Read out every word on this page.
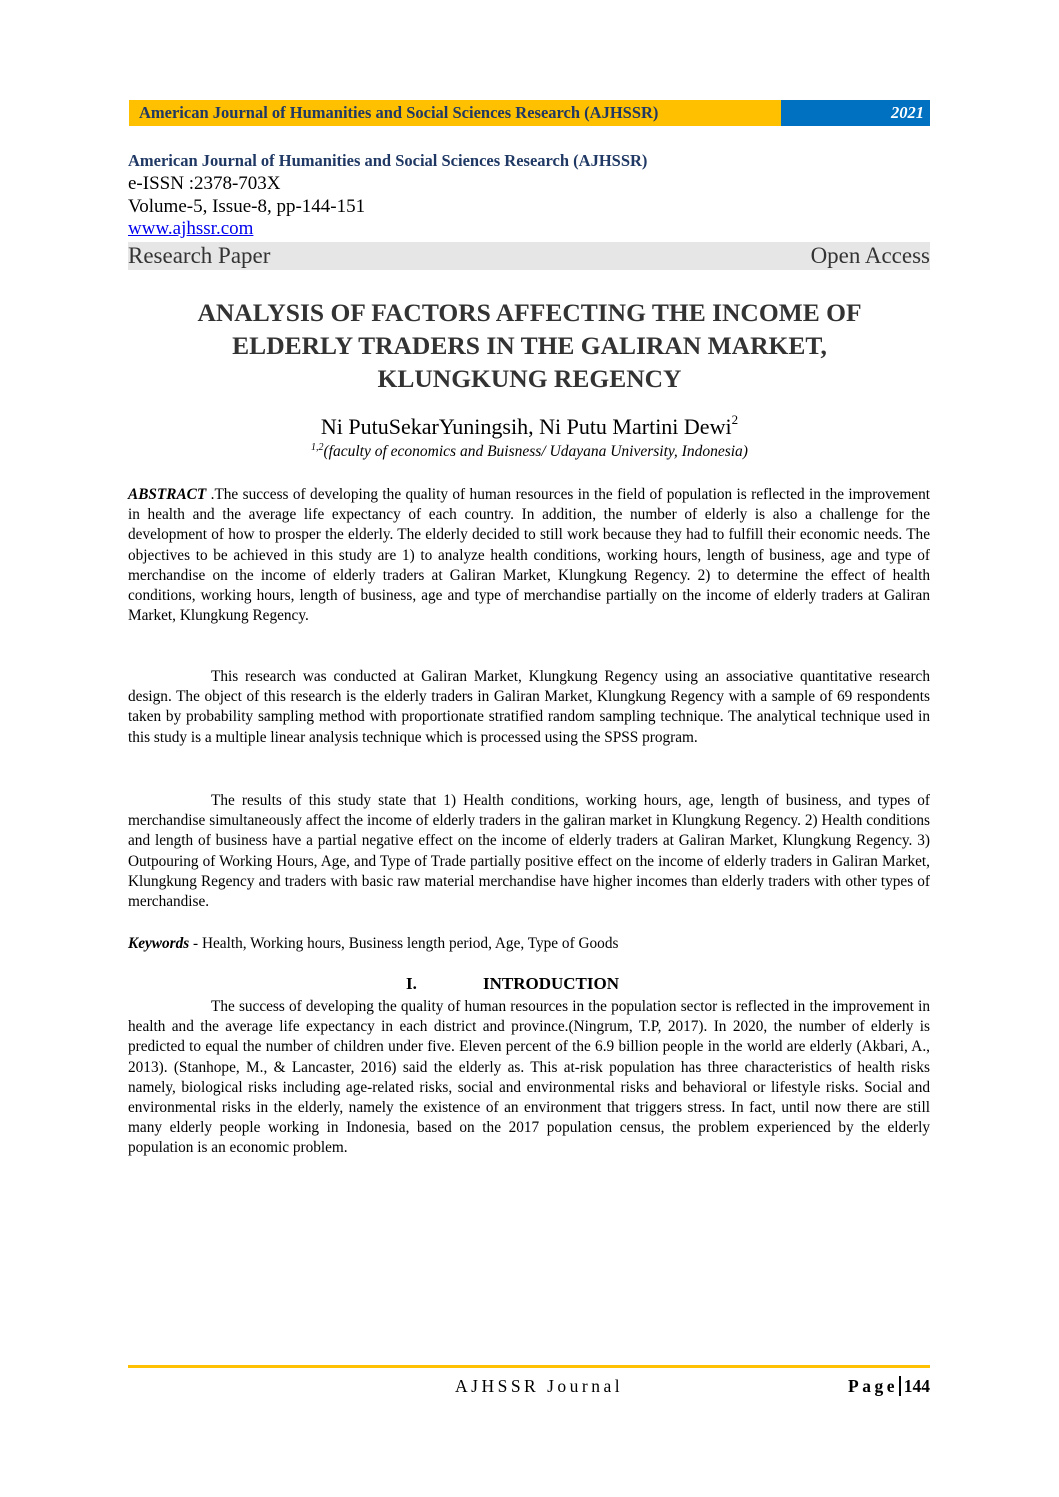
American Journal of Humanities and Social Sciences Research (AJHSSR)	2021
American Journal of Humanities and Social Sciences Research (AJHSSR)
e-ISSN :2378-703X
Volume-5, Issue-8, pp-144-151
www.ajhssr.com
Research Paper	Open Access
ANALYSIS OF FACTORS AFFECTING THE INCOME OF
ELDERLY TRADERS IN THE GALIRAN MARKET,
KLUNGKUNG REGENCY
Ni PutuSekarYuningsih, Ni Putu Martini Dewi$^2$
$^{1,2}$(faculty of economics and Buisness/ Udayana University, Indonesia)

ABSTRACT .The success of developing the quality of human resources in the field of population is reflected in the improvement in health and the average life expectancy of each country. In addition, the number of elderly is also a challenge for the development of how to prosper the elderly. The elderly decided to still work because they had to fulfill their economic needs. The objectives to be achieved in this study are 1) to analyze health conditions, working hours, length of business, age and type of merchandise on the income of elderly traders at Galiran Market, Klungkung Regency. 2) to determine the effect of health conditions, working hours, length of business, age and type of merchandise partially on the income of elderly traders at Galiran Market, Klungkung Regency.

This research was conducted at Galiran Market, Klungkung Regency using an associative quantitative research design. The object of this research is the elderly traders in Galiran Market, Klungkung Regency with a sample of 69 respondents taken by probability sampling method with proportionate stratified random sampling technique. The analytical technique used in this study is a multiple linear analysis technique which is processed using the SPSS program.

The results of this study state that 1) Health conditions, working hours, age, length of business, and types of merchandise simultaneously affect the income of elderly traders in the galiran market in Klungkung Regency. 2) Health conditions and length of business have a partial negative effect on the income of elderly traders at Galiran Market, Klungkung Regency. 3) Outpouring of Working Hours, Age, and Type of Trade partially positive effect on the income of elderly traders in Galiran Market, Klungkung Regency and traders with basic raw material merchandise have higher incomes than elderly traders with other types of merchandise.

Keywords - Health, Working hours, Business length period, Age, Type of Goods

I.	INTRODUCTION

The success of developing the quality of human resources in the population sector is reflected in the improvement in health and the average life expectancy in each district and province.(Ningrum, T.P, 2017). In 2020, the number of elderly is predicted to equal the number of children under five. Eleven percent of the 6.9 billion people in the world are elderly (Akbari, A., 2013). (Stanhope, M., & Lancaster, 2016) said the elderly as. This at-risk population has three characteristics of health risks namely, biological risks including age-related risks, social and environmental risks and behavioral or lifestyle risks. Social and environmental risks in the elderly, namely the existence of an environment that triggers stress. In fact, until now there are still many elderly people working in Indonesia, based on the 2017 population census, the problem experienced by the elderly population is an economic problem.

AJHSSR Journal	Page 144
